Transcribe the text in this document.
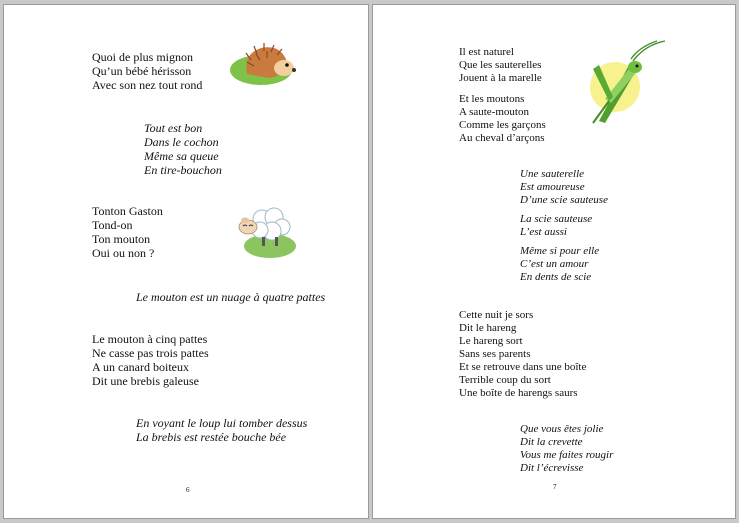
Quoi de plus mignon
Qu’un bébé hérisson
Avec son nez tout rond
Tout est bon
Dans le cochon
Même sa queue
En tire-bouchon
Tonton Gaston
Tond-on
Ton mouton
Oui ou non ?
Le mouton est un nuage à quatre pattes
Le mouton à cinq pattes
Ne casse pas trois pattes
A un canard boiteux
Dit une brebis galeuse
En voyant le loup lui tomber dessus
La brebis est restée bouche bée
6
Il est naturel
Que les sauterelles
Jouent à la marelle
Et les moutons
A saute-mouton
Comme les garçons
Au cheval d’arçons
Une sauterelle
Est amoureuse
D’une scie sauteuse
La scie sauteuse
L’est aussi
Même si pour elle
C’est un amour
En dents de scie
Cette nuit je sors
Dit le hareng
Le hareng sort
Sans ses parents
Et se retrouve dans une boîte
Terrible coup du sort
Une boîte de harengs saurs
Que vous êtes jolie
Dit la crevette
Vous me faites rougir
Dit l’écrevisse
7
